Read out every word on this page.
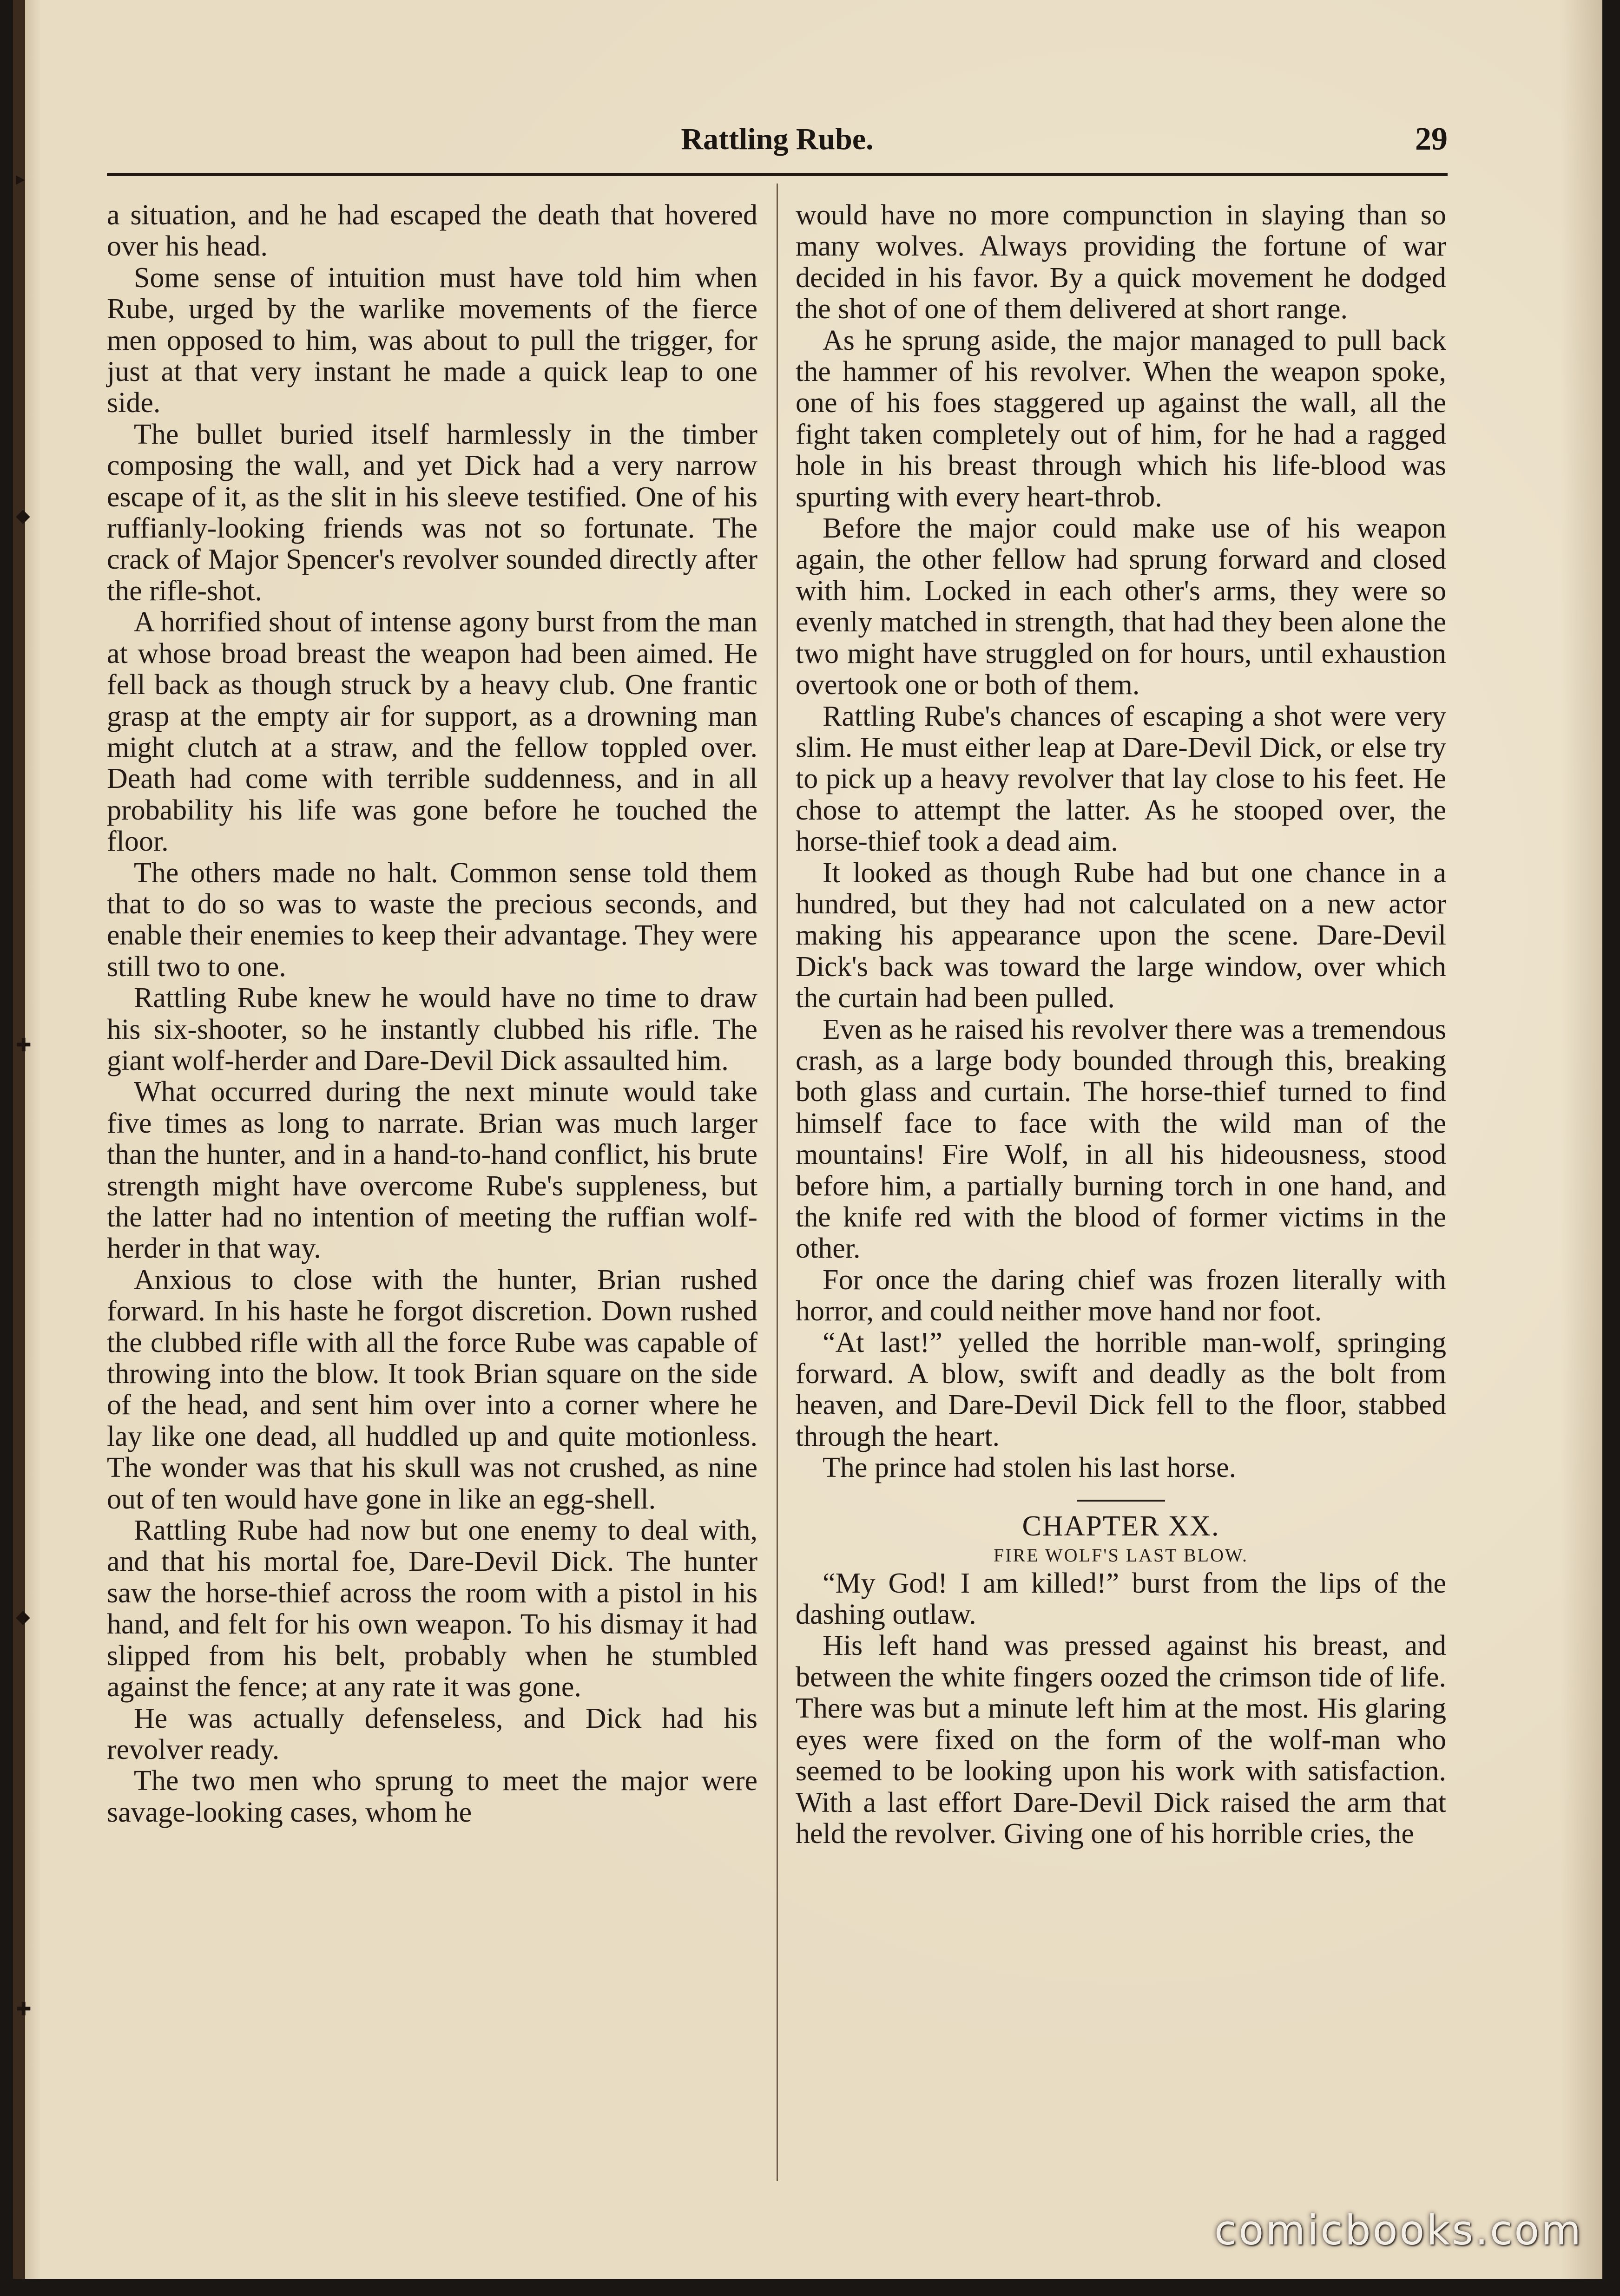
▸
◆
✚
◆
✚
Rattling Rube.	29

a situation, and he had escaped the death that hovered over his head.

Some sense of intuition must have told him when Rube, urged by the warlike movements of the fierce men opposed to him, was about to pull the trigger, for just at that very instant he made a quick leap to one side.

The bullet buried itself harmlessly in the timber composing the wall, and yet Dick had a very narrow escape of it, as the slit in his sleeve testified. One of his ruffianly-looking friends was not so fortunate. The crack of Major Spencer's revolver sounded directly after the rifle-shot.

A horrified shout of intense agony burst from the man at whose broad breast the weapon had been aimed. He fell back as though struck by a heavy club. One frantic grasp at the empty air for support, as a drowning man might clutch at a straw, and the fellow toppled over. Death had come with terrible suddenness, and in all probability his life was gone before he touched the floor.

The others made no halt. Common sense told them that to do so was to waste the precious seconds, and enable their enemies to keep their advantage. They were still two to one.

Rattling Rube knew he would have no time to draw his six-shooter, so he instantly clubbed his rifle. The giant wolf-herder and Dare-Devil Dick assaulted him.

What occurred during the next minute would take five times as long to narrate. Brian was much larger than the hunter, and in a hand-to-hand conflict, his brute strength might have overcome Rube's suppleness, but the latter had no intention of meeting the ruffian wolf-herder in that way.

Anxious to close with the hunter, Brian rushed forward. In his haste he forgot discretion. Down rushed the clubbed rifle with all the force Rube was capable of throwing into the blow. It took Brian square on the side of the head, and sent him over into a corner where he lay like one dead, all huddled up and quite motionless. The wonder was that his skull was not crushed, as nine out of ten would have gone in like an egg-shell.

Rattling Rube had now but one enemy to deal with, and that his mortal foe, Dare-Devil Dick. The hunter saw the horse-thief across the room with a pistol in his hand, and felt for his own weapon. To his dismay it had slipped from his belt, probably when he stumbled against the fence; at any rate it was gone.

He was actually defenseless, and Dick had his revolver ready.

The two men who sprung to meet the major were savage-looking cases, whom he

would have no more compunction in slaying than so many wolves. Always providing the fortune of war decided in his favor. By a quick movement he dodged the shot of one of them delivered at short range.

As he sprung aside, the major managed to pull back the hammer of his revolver. When the weapon spoke, one of his foes staggered up against the wall, all the fight taken completely out of him, for he had a ragged hole in his breast through which his life-blood was spurting with every heart-throb.

Before the major could make use of his weapon again, the other fellow had sprung forward and closed with him. Locked in each other's arms, they were so evenly matched in strength, that had they been alone the two might have struggled on for hours, until exhaustion overtook one or both of them.

Rattling Rube's chances of escaping a shot were very slim. He must either leap at Dare-Devil Dick, or else try to pick up a heavy revolver that lay close to his feet. He chose to attempt the latter. As he stooped over, the horse-thief took a dead aim.

It looked as though Rube had but one chance in a hundred, but they had not calculated on a new actor making his appearance upon the scene. Dare-Devil Dick's back was toward the large window, over which the curtain had been pulled.

Even as he raised his revolver there was a tremendous crash, as a large body bounded through this, breaking both glass and curtain. The horse-thief turned to find himself face to face with the wild man of the mountains! Fire Wolf, in all his hideousness, stood before him, a partially burning torch in one hand, and the knife red with the blood of former victims in the other.

For once the daring chief was frozen literally with horror, and could neither move hand nor foot.

“At last!” yelled the horrible man-wolf, springing forward. A blow, swift and deadly as the bolt from heaven, and Dare-Devil Dick fell to the floor, stabbed through the heart.

The prince had stolen his last horse.

CHAPTER XX.
FIRE WOLF'S LAST BLOW.

“My God! I am killed!” burst from the lips of the dashing outlaw.

His left hand was pressed against his breast, and between the white fingers oozed the crimson tide of life. There was but a minute left him at the most. His glaring eyes were fixed on the form of the wolf-man who seemed to be looking upon his work with satisfaction. With a last effort Dare-Devil Dick raised the arm that held the revolver. Giving one of his horrible cries, the

comicbooks.com
